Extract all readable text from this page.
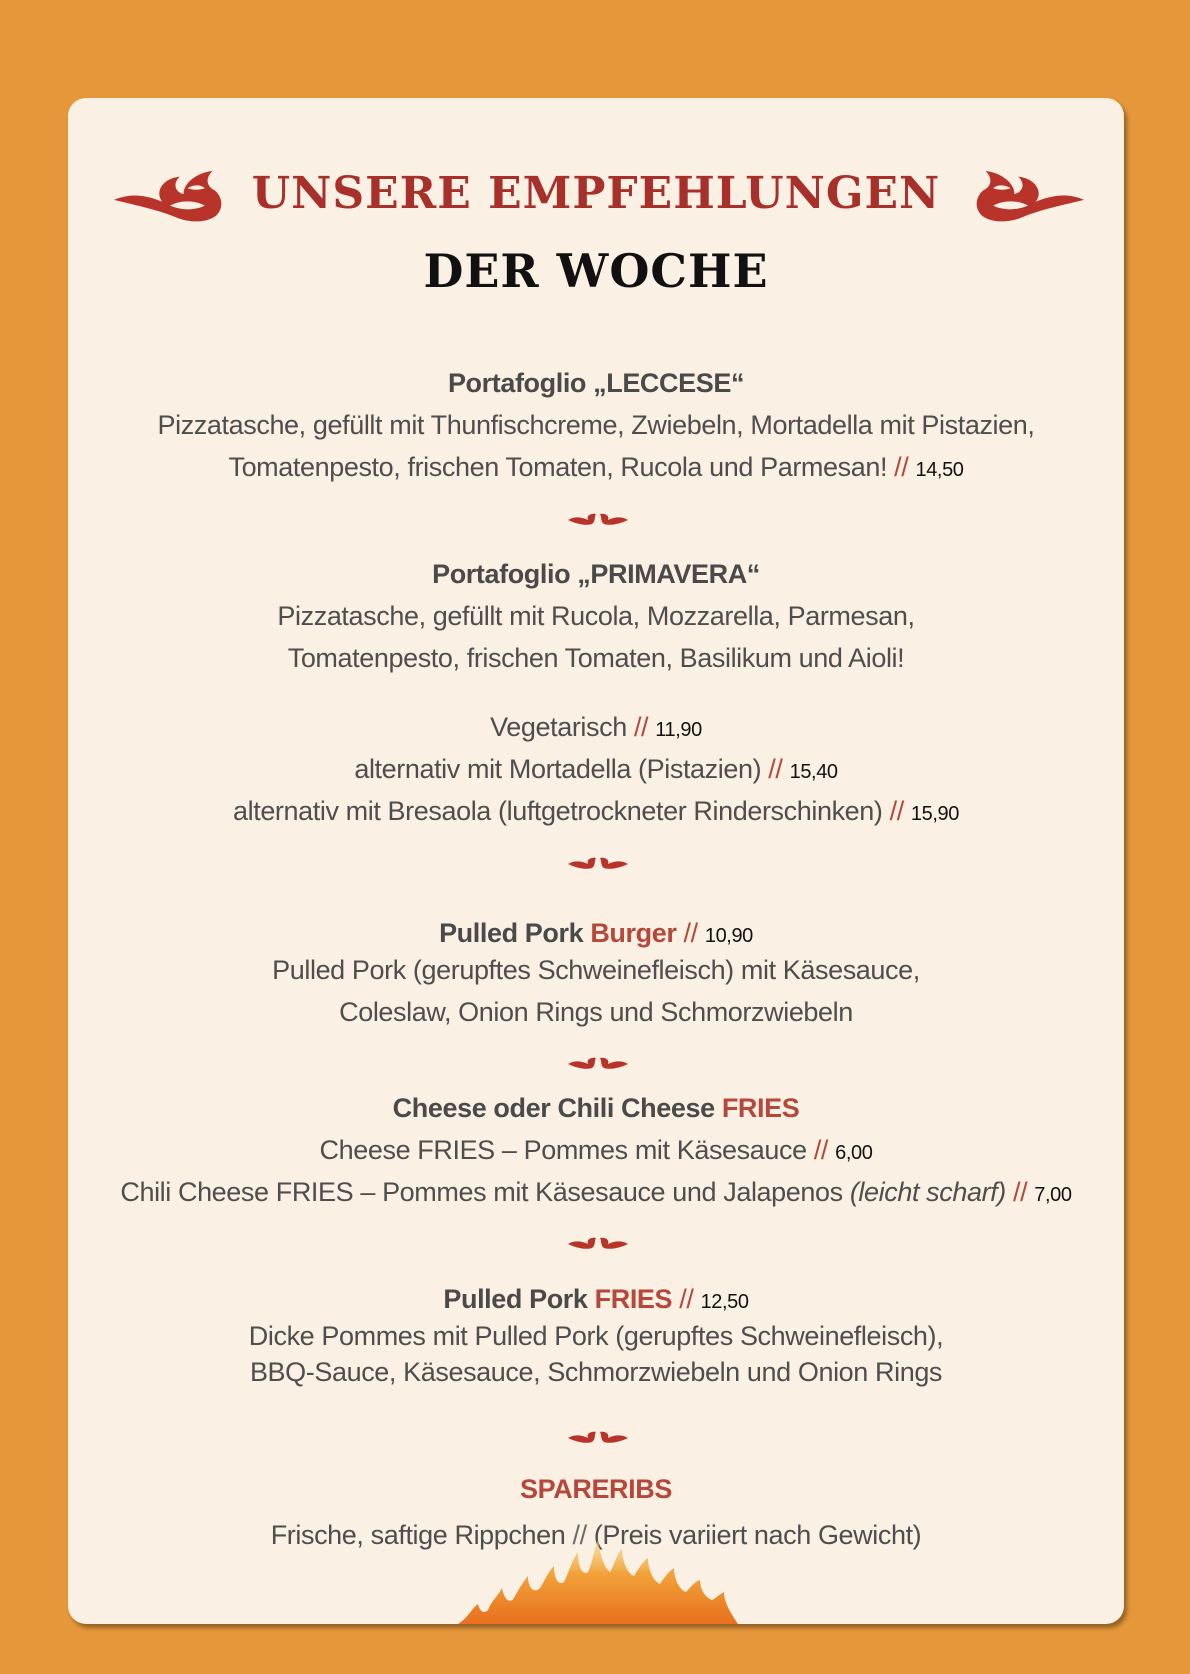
UNSERE EMPFEHLUNGEN
DER WOCHE
Portafoglio „LECCESE“
Pizzatasche, gefüllt mit Thunfischcreme, Zwiebeln, Mortadella mit Pistazien,
Tomatenpesto, frischen Tomaten, Rucola und Parmesan! // 14,50
Portafoglio „PRIMAVERA“
Pizzatasche, gefüllt mit Rucola, Mozzarella, Parmesan,
Tomatenpesto, frischen Tomaten, Basilikum und Aioli!
Vegetarisch // 11,90
alternativ mit Mortadella (Pistazien) // 15,40
alternativ mit Bresaola (luftgetrockneter Rinderschinken) // 15,90
Pulled Pork Burger // 10,90
Pulled Pork (gerupftes Schweinefleisch) mit Käsesauce,
Coleslaw, Onion Rings und Schmorzwiebeln
Cheese oder Chili Cheese FRIES
Cheese FRIES – Pommes mit Käsesauce // 6,00
Chili Cheese FRIES – Pommes mit Käsesauce und Jalapenos (leicht scharf) // 7,00
Pulled Pork FRIES // 12,50
Dicke Pommes mit Pulled Pork (gerupftes Schweinefleisch),
BBQ-Sauce, Käsesauce, Schmorzwiebeln und Onion Rings
SPARERIBS
Frische, saftige Rippchen // (Preis variiert nach Gewicht)
